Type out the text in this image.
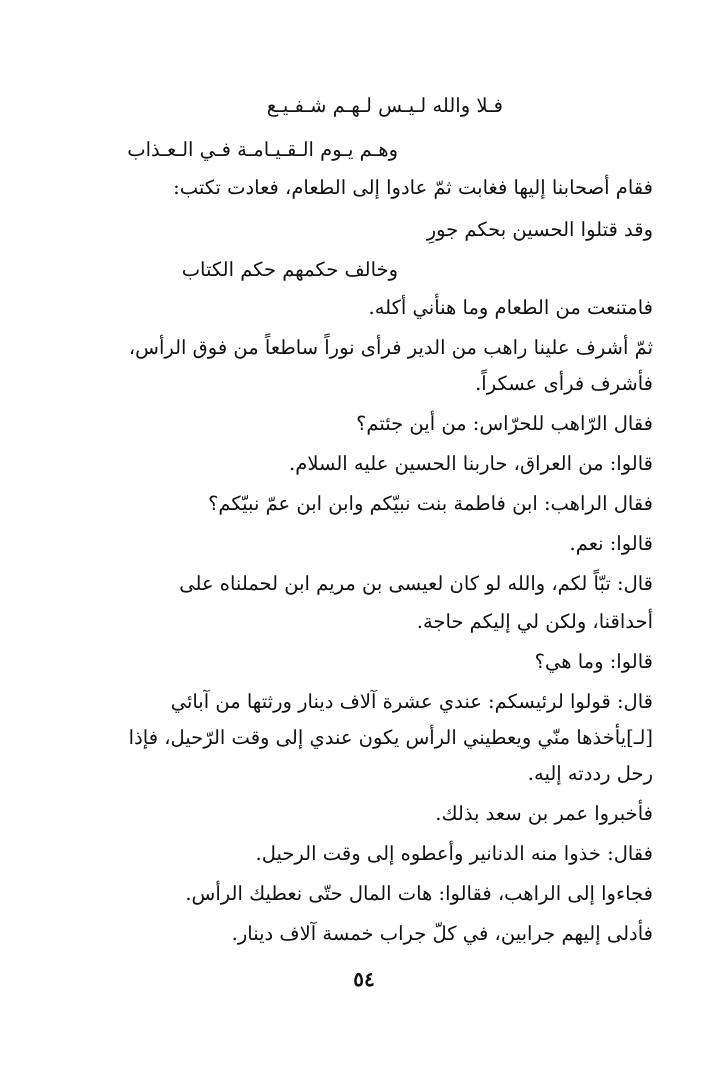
فـلا والله لـيـس لـهـم شـفـيـع
وهـم يـوم الـقـيـامـة فـي الـعـذاب
فقام أصحابنا إليها فغابت ثمّ عادوا إلى الطعام، فعادت تكتب:
وقد قتلوا الحسين بحكم جورِ
وخالف حكمهم حكم الكتاب
فامتنعت من الطعام وما هنأني أكله.
ثمّ أشرف علينا راهب من الدير فرأى نوراً ساطعاً من فوق الرأس،
فأشرف فرأى عسكراً.
فقال الرّاهب للحرّاس: من أين جئتم؟
قالوا: من العراق، حاربنا الحسين عليه السلام.
فقال الراهب: ابن فاطمة بنت نبيّكم وابن ابن عمّ نبيّكم؟
قالوا: نعم.
قال: تبّاً لكم، والله لو كان لعيسى بن مريم ابن لحملناه على
أحداقنا، ولكن لي إليكم حاجة.
قالوا: وما هي؟
قال: قولوا لرئيسكم: عندي عشرة آلاف دينار ورثتها من آبائي
[لـ]يأخذها منّي ويعطيني الرأس يكون عندي إلى وقت الرّحيل، فإذا
رحل رددته إليه.
فأخبروا عمر بن سعد بذلك.
فقال: خذوا منه الدنانير وأعطوه إلى وقت الرحيل.
فجاءوا إلى الراهب، فقالوا: هات المال حتّى نعطيك الرأس.
فأدلى إليهم جرابين، في كلّ جراب خمسة آلاف دينار.
٥٤
